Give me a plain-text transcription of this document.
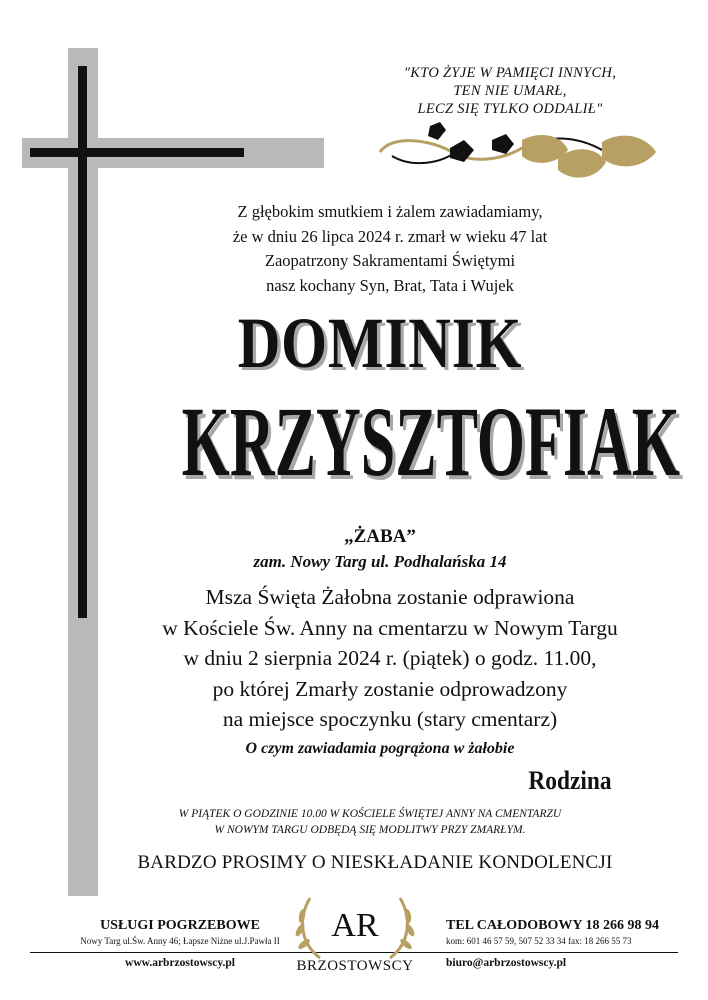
"KTO ŻYJE W PAMIĘCI INNYCH,
TEN NIE UMARŁ,
LECZ SIĘ TYLKO ODDALIŁ"
Z głębokim smutkiem i żalem zawiadamiamy,
że w dniu 26 lipca 2024 r. zmarł w wieku 47 lat
Zaopatrzony Sakramentami Świętymi
nasz kochany Syn, Brat, Tata i Wujek
DOMINIK
KRZYSZTOFIAK
„ŻABA”
zam. Nowy Targ ul. Podhalańska 14
Msza Święta Żałobna zostanie odprawiona
w Kościele Św. Anny na cmentarzu w Nowym Targu
w dniu 2 sierpnia 2024 r. (piątek) o godz. 11.00,
po której Zmarły zostanie odprowadzony
na miejsce spoczynku (stary cmentarz)
O czym zawiadamia pogrążona w żałobie
Rodzina
W PIĄTEK O GODZINIE 10.00 W KOŚCIELE ŚWIĘTEJ ANNY NA CMENTARZU
W NOWYM TARGU ODBĘDĄ SIĘ MODLITWY PRZY ZMARŁYM.
BARDZO PROSIMY O NIESKŁADANIE KONDOLENCJI
USŁUGI POGRZEBOWE
Nowy Targ ul.Św. Anny 46; Łapsze Niżne ul.J.Pawła II
www.arbrzostowscy.pl
AR
BRZOSTOWSCY
TEL CAŁODOBOWY 18 266 98 94
kom: 601 46 57 59, 507 52 33 34 fax: 18 266 55 73
biuro@arbrzostowscy.pl
